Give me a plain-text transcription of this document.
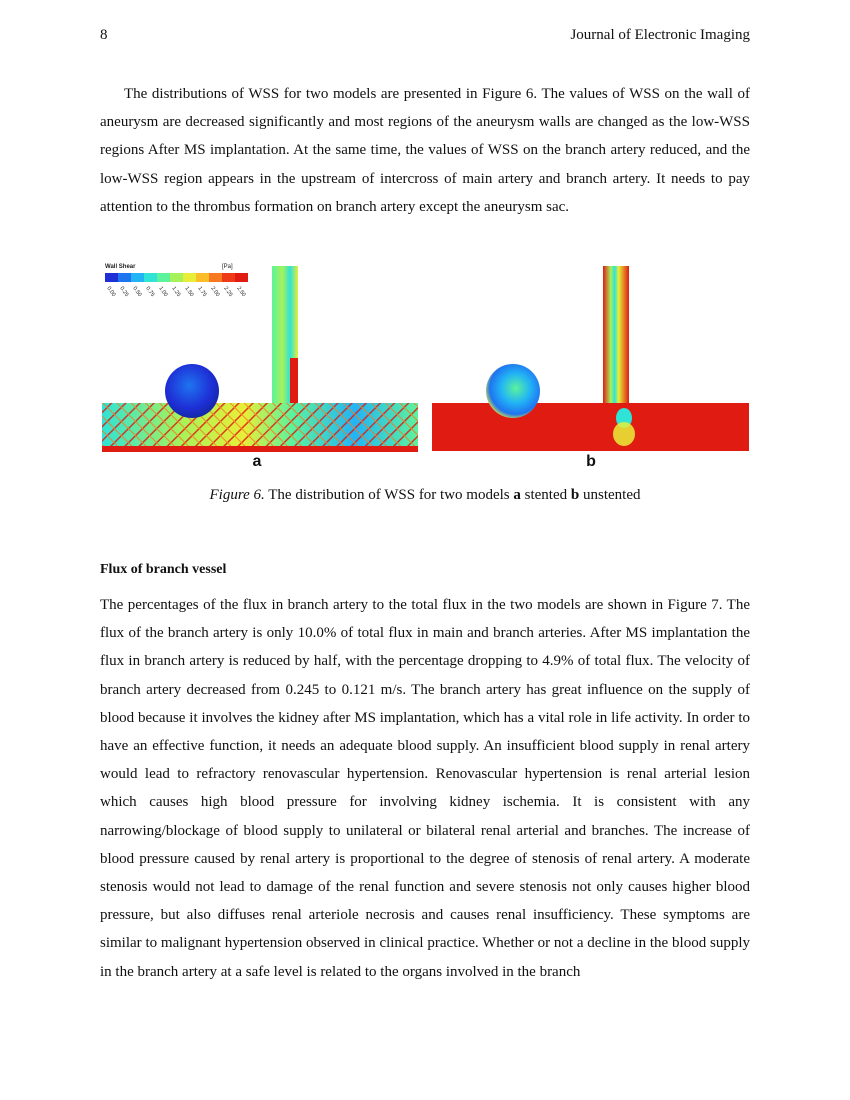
8	Journal of Electronic Imaging

The distributions of WSS for two models are presented in Figure 6. The values of WSS on the wall of aneurysm are decreased significantly and most regions of the aneurysm walls are changed as the low-WSS regions After MS implantation. At the same time, the values of WSS on the branch artery reduced, and the low-WSS region appears in the upstream of intercross of main artery and branch artery. It needs to pay attention to the thrombus formation on branch artery except the aneurysm sac.

Wall Shear	[Pa]
0.00 0.25 0.50 0.75 1.00 1.25 1.50 1.75 2.00 2.25 2.50
a	b
Figure 6. The distribution of WSS for two models a stented b unstented
Flux of branch vessel

The percentages of the flux in branch artery to the total flux in the two models are shown in Figure 7. The flux of the branch artery is only 10.0% of total flux in main and branch arteries. After MS implantation the flux in branch artery is reduced by half, with the percentage dropping to 4.9% of total flux. The velocity of branch artery decreased from 0.245 to 0.121 m/s. The branch artery has great influence on the supply of blood because it involves the kidney after MS implantation, which has a vital role in life activity. In order to have an effective function, it needs an adequate blood supply. An insufficient blood supply in renal artery would lead to refractory renovascular hypertension. Renovascular hypertension is renal arterial lesion which causes high blood pressure for involving kidney ischemia. It is consistent with any narrowing/blockage of blood supply to unilateral or bilateral renal arterial and branches. The increase of blood pressure caused by renal artery is proportional to the degree of stenosis of renal artery. A moderate stenosis would not lead to damage of the renal function and severe stenosis not only causes higher blood pressure, but also diffuses renal arteriole necrosis and causes renal insufficiency. These symptoms are similar to malignant hypertension observed in clinical practice. Whether or not a decline in the blood supply in the branch artery at a safe level is related to the organs involved in the branch
